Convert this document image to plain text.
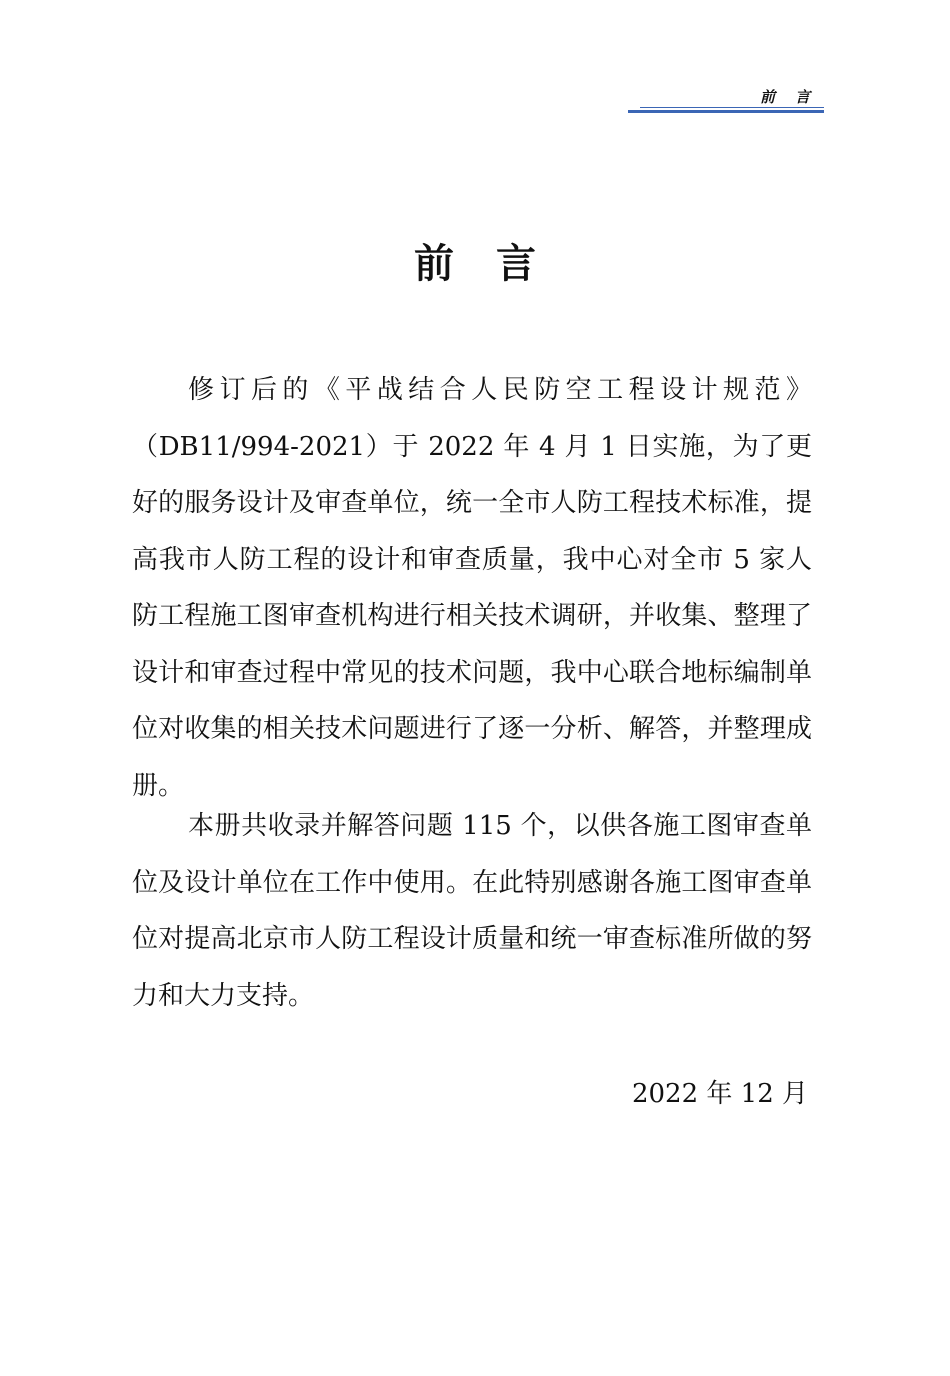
前言
前 言

修订后的《平战结合人民防空工程设计规范》（DB11/994-2021）于 2022 年 4 月 1 日实施，为了更好的服务设计及审查单位，统一全市人防工程技术标准，提高我市人防工程的设计和审查质量，我中心对全市 5 家人防工程施工图审查机构进行相关技术调研，并收集、整理了设计和审查过程中常见的技术问题，我中心联合地标编制单位对收集的相关技术问题进行了逐一分析、解答，并整理成册。

本册共收录并解答问题 115 个，以供各施工图审查单位及设计单位在工作中使用。在此特别感谢各施工图审查单位对提高北京市人防工程设计质量和统一审查标准所做的努力和大力支持。

2022 年 12 月
